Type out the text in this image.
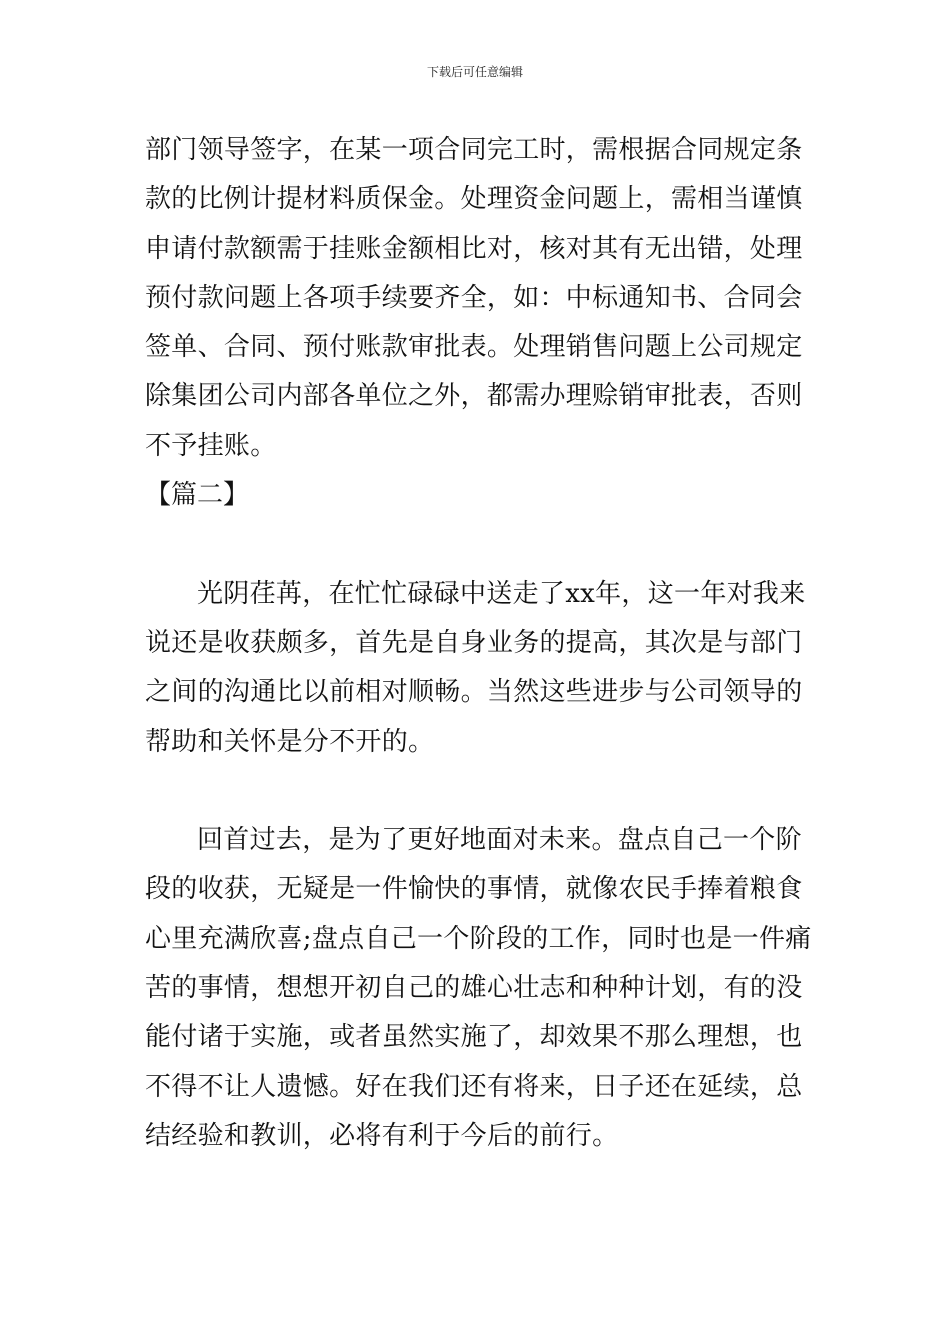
下载后可任意编辑
部门领导签字，在某一项合同完工时，需根据合同规定条
款的比例计提材料质保金。处理资金问题上，需相当谨慎
申请付款额需于挂账金额相比对，核对其有无出错，处理
预付款问题上各项手续要齐全，如：中标通知书、合同会
签单、合同、预付账款审批表。处理销售问题上公司规定
除集团公司内部各单位之外，都需办理赊销审批表，否则
不予挂账。
【篇二】
光阴荏苒，在忙忙碌碌中送走了xx年，这一年对我来
说还是收获颇多，首先是自身业务的提高，其次是与部门
之间的沟通比以前相对顺畅。当然这些进步与公司领导的
帮助和关怀是分不开的。
回首过去，是为了更好地面对未来。盘点自己一个阶
段的收获，无疑是一件愉快的事情，就像农民手捧着粮食
心里充满欣喜;盘点自己一个阶段的工作，同时也是一件痛
苦的事情，想想开初自己的雄心壮志和种种计划，有的没
能付诸于实施，或者虽然实施了，却效果不那么理想，也
不得不让人遗憾。好在我们还有将来，日子还在延续，总
结经验和教训，必将有利于今后的前行。
